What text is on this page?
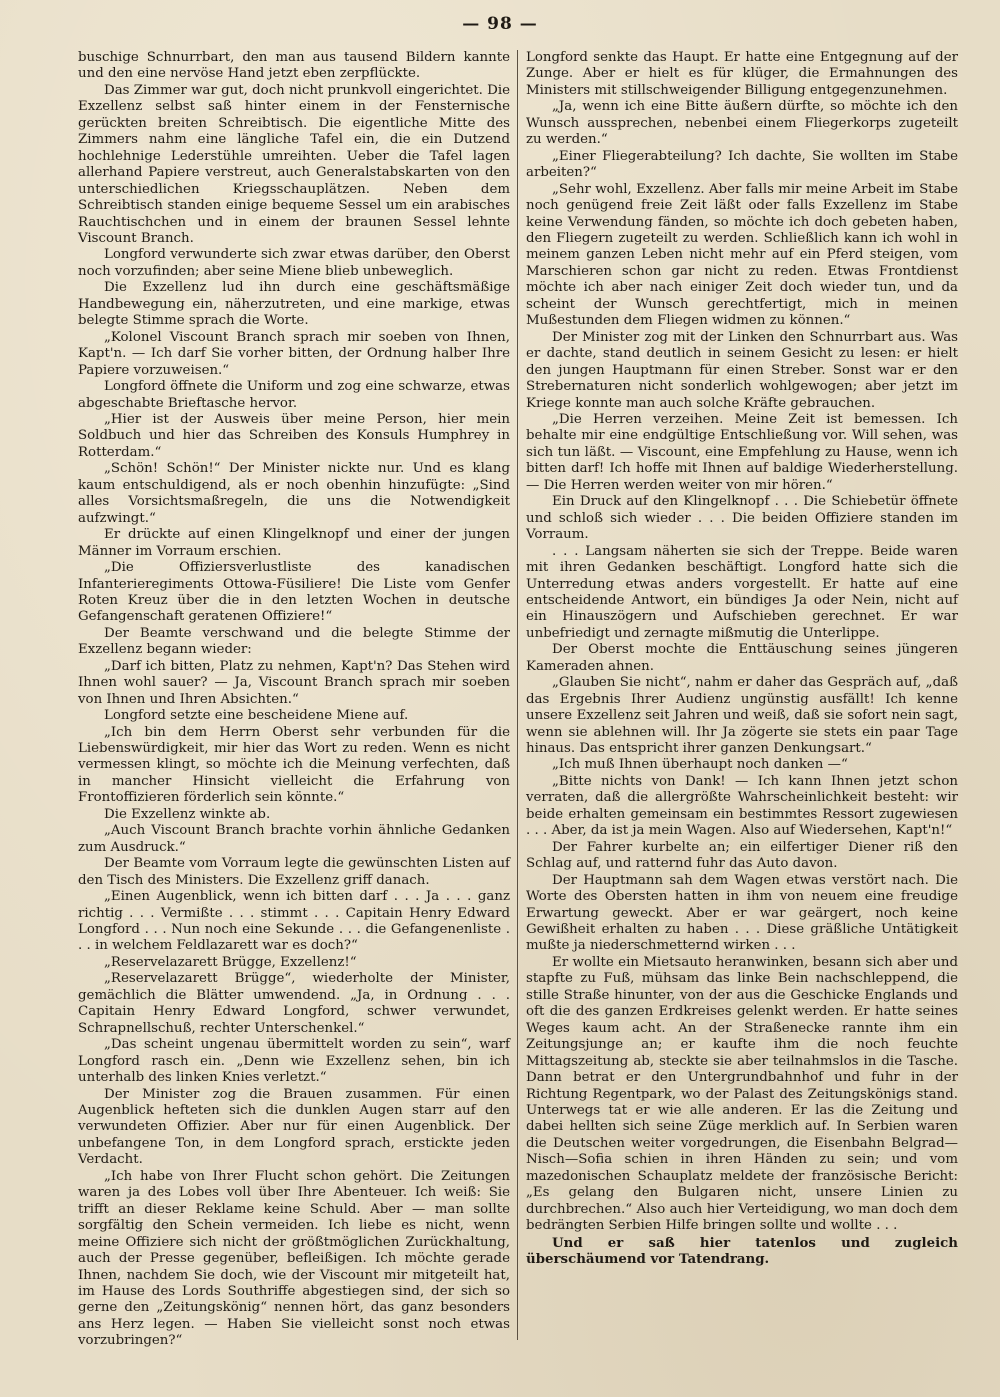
— 98 —

buschige Schnurrbart, den man aus tausend Bildern kannte und den eine nervöse Hand jetzt eben zerpflückte.

Das Zimmer war gut, doch nicht prunkvoll eingerichtet. Die Exzellenz selbst saß hinter einem in der Fensternische gerückten breiten Schreibtisch. Die eigentliche Mitte des Zimmers nahm eine längliche Tafel ein, die ein Dutzend hochlehnige Lederstühle umreihten. Ueber die Tafel lagen allerhand Papiere verstreut, auch Generalstabskarten von den unterschiedlichen Kriegsschauplätzen. Neben dem Schreibtisch standen einige bequeme Sessel um ein arabisches Rauchtischchen und in einem der braunen Sessel lehnte Viscount Branch.

Longford verwunderte sich zwar etwas darüber, den Oberst noch vorzufinden; aber seine Miene blieb unbeweglich.

Die Exzellenz lud ihn durch eine geschäftsmäßige Handbewegung ein, näherzutreten, und eine markige, etwas belegte Stimme sprach die Worte.

„Kolonel Viscount Branch sprach mir soeben von Ihnen, Kapt'n. — Ich darf Sie vorher bitten, der Ordnung halber Ihre Papiere vorzuweisen.“

Longford öffnete die Uniform und zog eine schwarze, etwas abgeschabte Brieftasche hervor.

„Hier ist der Ausweis über meine Person, hier mein Soldbuch und hier das Schreiben des Konsuls Humphrey in Rotterdam.“

„Schön! Schön!“ Der Minister nickte nur. Und es klang kaum entschuldigend, als er noch obenhin hinzufügte: „Sind alles Vorsichtsmaßregeln, die uns die Notwendigkeit aufzwingt.“

Er drückte auf einen Klingelknopf und einer der jungen Männer im Vorraum erschien.

„Die Offiziersverlustliste des kanadischen Infanterieregiments Ottowa-Füsiliere! Die Liste vom Genfer Roten Kreuz über die in den letzten Wochen in deutsche Gefangenschaft geratenen Offiziere!“

Der Beamte verschwand und die belegte Stimme der Exzellenz begann wieder:

„Darf ich bitten, Platz zu nehmen, Kapt'n? Das Stehen wird Ihnen wohl sauer? — Ja, Viscount Branch sprach mir soeben von Ihnen und Ihren Absichten.“

Longford setzte eine bescheidene Miene auf.

„Ich bin dem Herrn Oberst sehr verbunden für die Liebenswürdigkeit, mir hier das Wort zu reden. Wenn es nicht vermessen klingt, so möchte ich die Meinung verfechten, daß in mancher Hinsicht vielleicht die Erfahrung von Frontoffizieren förderlich sein könnte.“

Die Exzellenz winkte ab.

„Auch Viscount Branch brachte vorhin ähnliche Gedanken zum Ausdruck.“

Der Beamte vom Vorraum legte die gewünschten Listen auf den Tisch des Ministers. Die Exzellenz griff danach.

„Einen Augenblick, wenn ich bitten darf . . . Ja . . . ganz richtig . . . Vermißte . . . stimmt . . . Capitain Henry Edward Longford . . . Nun noch eine Sekunde . . . die Gefangenenliste . . . in welchem Feldlazarett war es doch?“

„Reservelazarett Brügge, Exzellenz!“

„Reservelazarett Brügge“, wiederholte der Minister, gemächlich die Blätter umwendend. „Ja, in Ordnung . . . Capitain Henry Edward Longford, schwer verwundet, Schrapnellschuß, rechter Unterschenkel.“

„Das scheint ungenau übermittelt worden zu sein“, warf Longford rasch ein. „Denn wie Exzellenz sehen, bin ich unterhalb des linken Knies verletzt.“

Der Minister zog die Brauen zusammen. Für einen Augenblick hefteten sich die dunklen Augen starr auf den verwundeten Offizier. Aber nur für einen Augenblick. Der unbefangene Ton, in dem Longford sprach, erstickte jeden Verdacht.

„Ich habe von Ihrer Flucht schon gehört. Die Zeitungen waren ja des Lobes voll über Ihre Abenteuer. Ich weiß: Sie trifft an dieser Reklame keine Schuld. Aber — man sollte sorgfältig den Schein vermeiden. Ich liebe es nicht, wenn meine Offiziere sich nicht der größtmöglichen Zurückhaltung, auch der Presse gegenüber, befleißigen. Ich möchte gerade Ihnen, nachdem Sie doch, wie der Viscount mir mitgeteilt hat, im Hause des Lords Southriffe abgestiegen sind, der sich so gerne den „Zeitungskönig“ nennen hört, das ganz besonders ans Herz legen. — Haben Sie vielleicht sonst noch etwas vorzubringen?“

Longford senkte das Haupt. Er hatte eine Entgegnung auf der Zunge. Aber er hielt es für klüger, die Ermahnungen des Ministers mit stillschweigender Billigung entgegenzunehmen.

„Ja, wenn ich eine Bitte äußern dürfte, so möchte ich den Wunsch aussprechen, nebenbei einem Fliegerkorps zugeteilt zu werden.“

„Einer Fliegerabteilung? Ich dachte, Sie wollten im Stabe arbeiten?“

„Sehr wohl, Exzellenz. Aber falls mir meine Arbeit im Stabe noch genügend freie Zeit läßt oder falls Exzellenz im Stabe keine Verwendung fänden, so möchte ich doch gebeten haben, den Fliegern zugeteilt zu werden. Schließlich kann ich wohl in meinem ganzen Leben nicht mehr auf ein Pferd steigen, vom Marschieren schon gar nicht zu reden. Etwas Frontdienst möchte ich aber nach einiger Zeit doch wieder tun, und da scheint der Wunsch gerechtfertigt, mich in meinen Mußestunden dem Fliegen widmen zu können.“

Der Minister zog mit der Linken den Schnurrbart aus. Was er dachte, stand deutlich in seinem Gesicht zu lesen: er hielt den jungen Hauptmann für einen Streber. Sonst war er den Strebernaturen nicht sonderlich wohlgewogen; aber jetzt im Kriege konnte man auch solche Kräfte gebrauchen.

„Die Herren verzeihen. Meine Zeit ist bemessen. Ich behalte mir eine endgültige Entschließung vor. Will sehen, was sich tun läßt. — Viscount, eine Empfehlung zu Hause, wenn ich bitten darf! Ich hoffe mit Ihnen auf baldige Wiederherstellung. — Die Herren werden weiter von mir hören.“

Ein Druck auf den Klingelknopf . . . Die Schiebetür öffnete und schloß sich wieder . . . Die beiden Offiziere standen im Vorraum.

. . . Langsam näherten sie sich der Treppe. Beide waren mit ihren Gedanken beschäftigt. Longford hatte sich die Unterredung etwas anders vorgestellt. Er hatte auf eine entscheidende Antwort, ein bündiges Ja oder Nein, nicht auf ein Hinauszögern und Aufschieben gerechnet. Er war unbefriedigt und zernagte mißmutig die Unterlippe.

Der Oberst mochte die Enttäuschung seines jüngeren Kameraden ahnen.

„Glauben Sie nicht“, nahm er daher das Gespräch auf, „daß das Ergebnis Ihrer Audienz ungünstig ausfällt! Ich kenne unsere Exzellenz seit Jahren und weiß, daß sie sofort nein sagt, wenn sie ablehnen will. Ihr Ja zögerte sie stets ein paar Tage hinaus. Das entspricht ihrer ganzen Denkungsart.“

„Ich muß Ihnen überhaupt noch danken —“

„Bitte nichts von Dank! — Ich kann Ihnen jetzt schon verraten, daß die allergrößte Wahrscheinlichkeit besteht: wir beide erhalten gemeinsam ein bestimmtes Ressort zugewiesen . . . Aber, da ist ja mein Wagen. Also auf Wiedersehen, Kapt'n!“

Der Fahrer kurbelte an; ein eilfertiger Diener riß den Schlag auf, und ratternd fuhr das Auto davon.

Der Hauptmann sah dem Wagen etwas verstört nach. Die Worte des Obersten hatten in ihm von neuem eine freudige Erwartung geweckt. Aber er war geärgert, noch keine Gewißheit erhalten zu haben . . . Diese gräßliche Untätigkeit mußte ja niederschmetternd wirken . . .

Er wollte ein Mietsauto heranwinken, besann sich aber und stapfte zu Fuß, mühsam das linke Bein nachschleppend, die stille Straße hinunter, von der aus die Geschicke Englands und oft die des ganzen Erdkreises gelenkt werden. Er hatte seines Weges kaum acht. An der Straßenecke rannte ihm ein Zeitungsjunge an; er kaufte ihm die noch feuchte Mittagszeitung ab, steckte sie aber teilnahmslos in die Tasche. Dann betrat er den Untergrundbahnhof und fuhr in der Richtung Regentpark, wo der Palast des Zeitungskönigs stand. Unterwegs tat er wie alle anderen. Er las die Zeitung und dabei hellten sich seine Züge merklich auf. In Serbien waren die Deutschen weiter vorgedrungen, die Eisenbahn Belgrad—Nisch—Sofia schien in ihren Händen zu sein; und vom mazedonischen Schauplatz meldete der französische Bericht: „Es gelang den Bulgaren nicht, unsere Linien zu durchbrechen.“ Also auch hier Verteidigung, wo man doch dem bedrängten Serbien Hilfe bringen sollte und wollte . . .

Und er saß hier tatenlos und zugleich überschäumend vor Tatendrang.
